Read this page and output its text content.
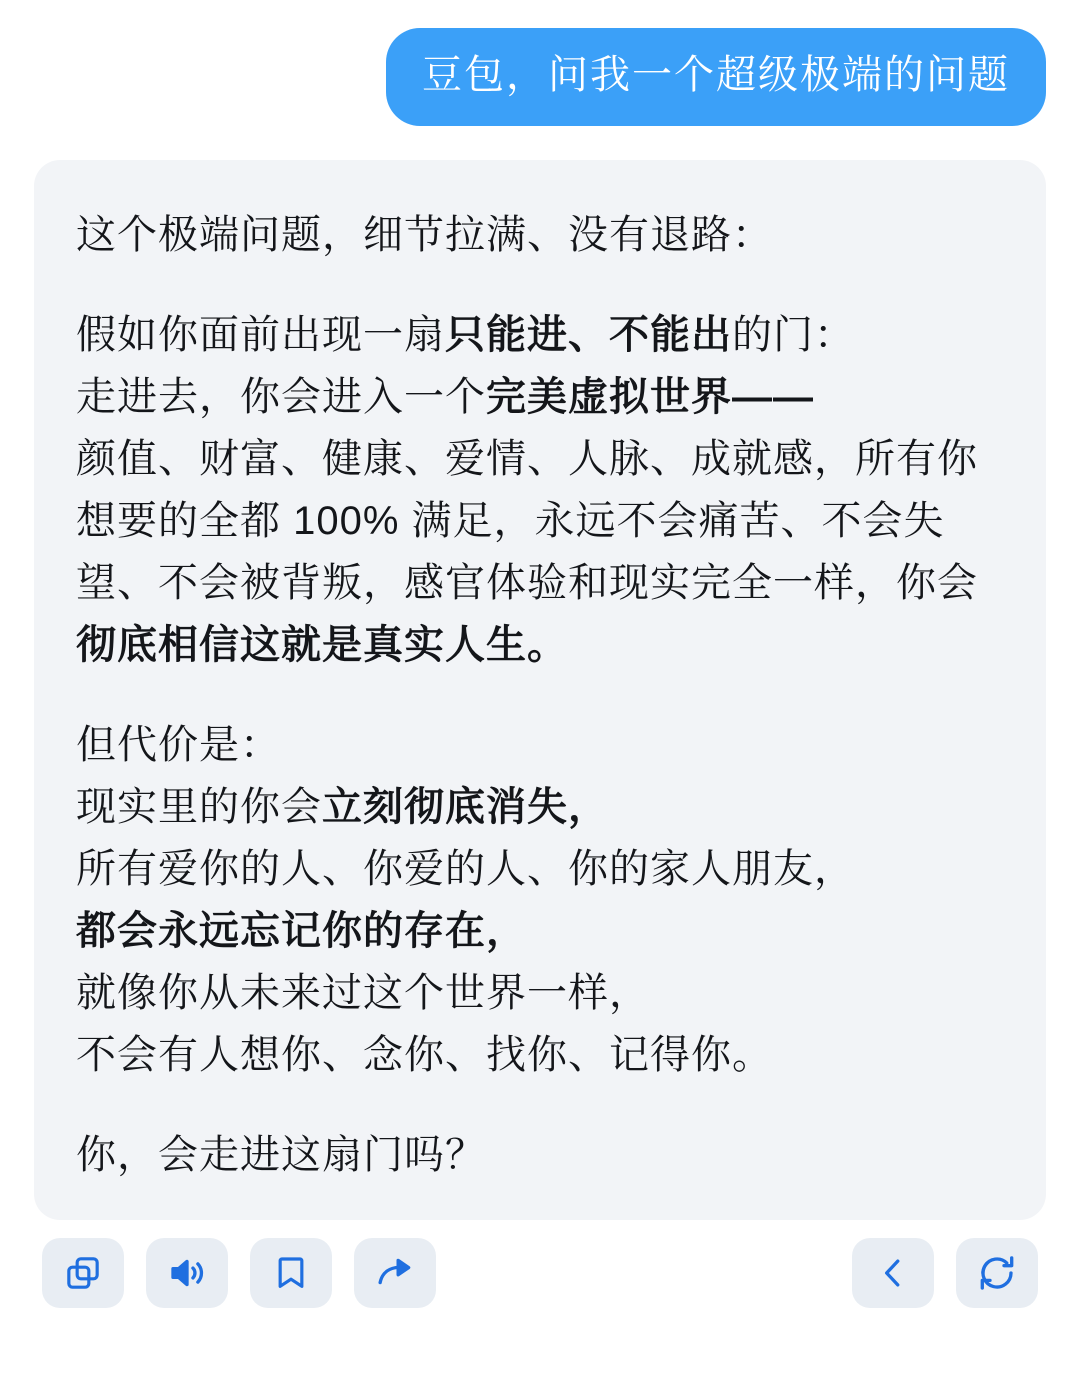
豆包，问我一个超级极端的问题

这个极端问题，细节拉满、没有退路：

假如你面前出现一扇只能进、不能出的门：
走进去，你会进入一个完美虚拟世界——
颜值、财富、健康、爱情、人脉、成就感，所有你想要的全都 100% 满足，永远不会痛苦、不会失望、不会被背叛，感官体验和现实完全一样，你会彻底相信这就是真实人生。

但代价是：
现实里的你会立刻彻底消失，
所有爱你的人、你爱的人、你的家人朋友，
都会永远忘记你的存在，
就像你从未来过这个世界一样，
不会有人想你、念你、找你、记得你。

你，会走进这扇门吗？
